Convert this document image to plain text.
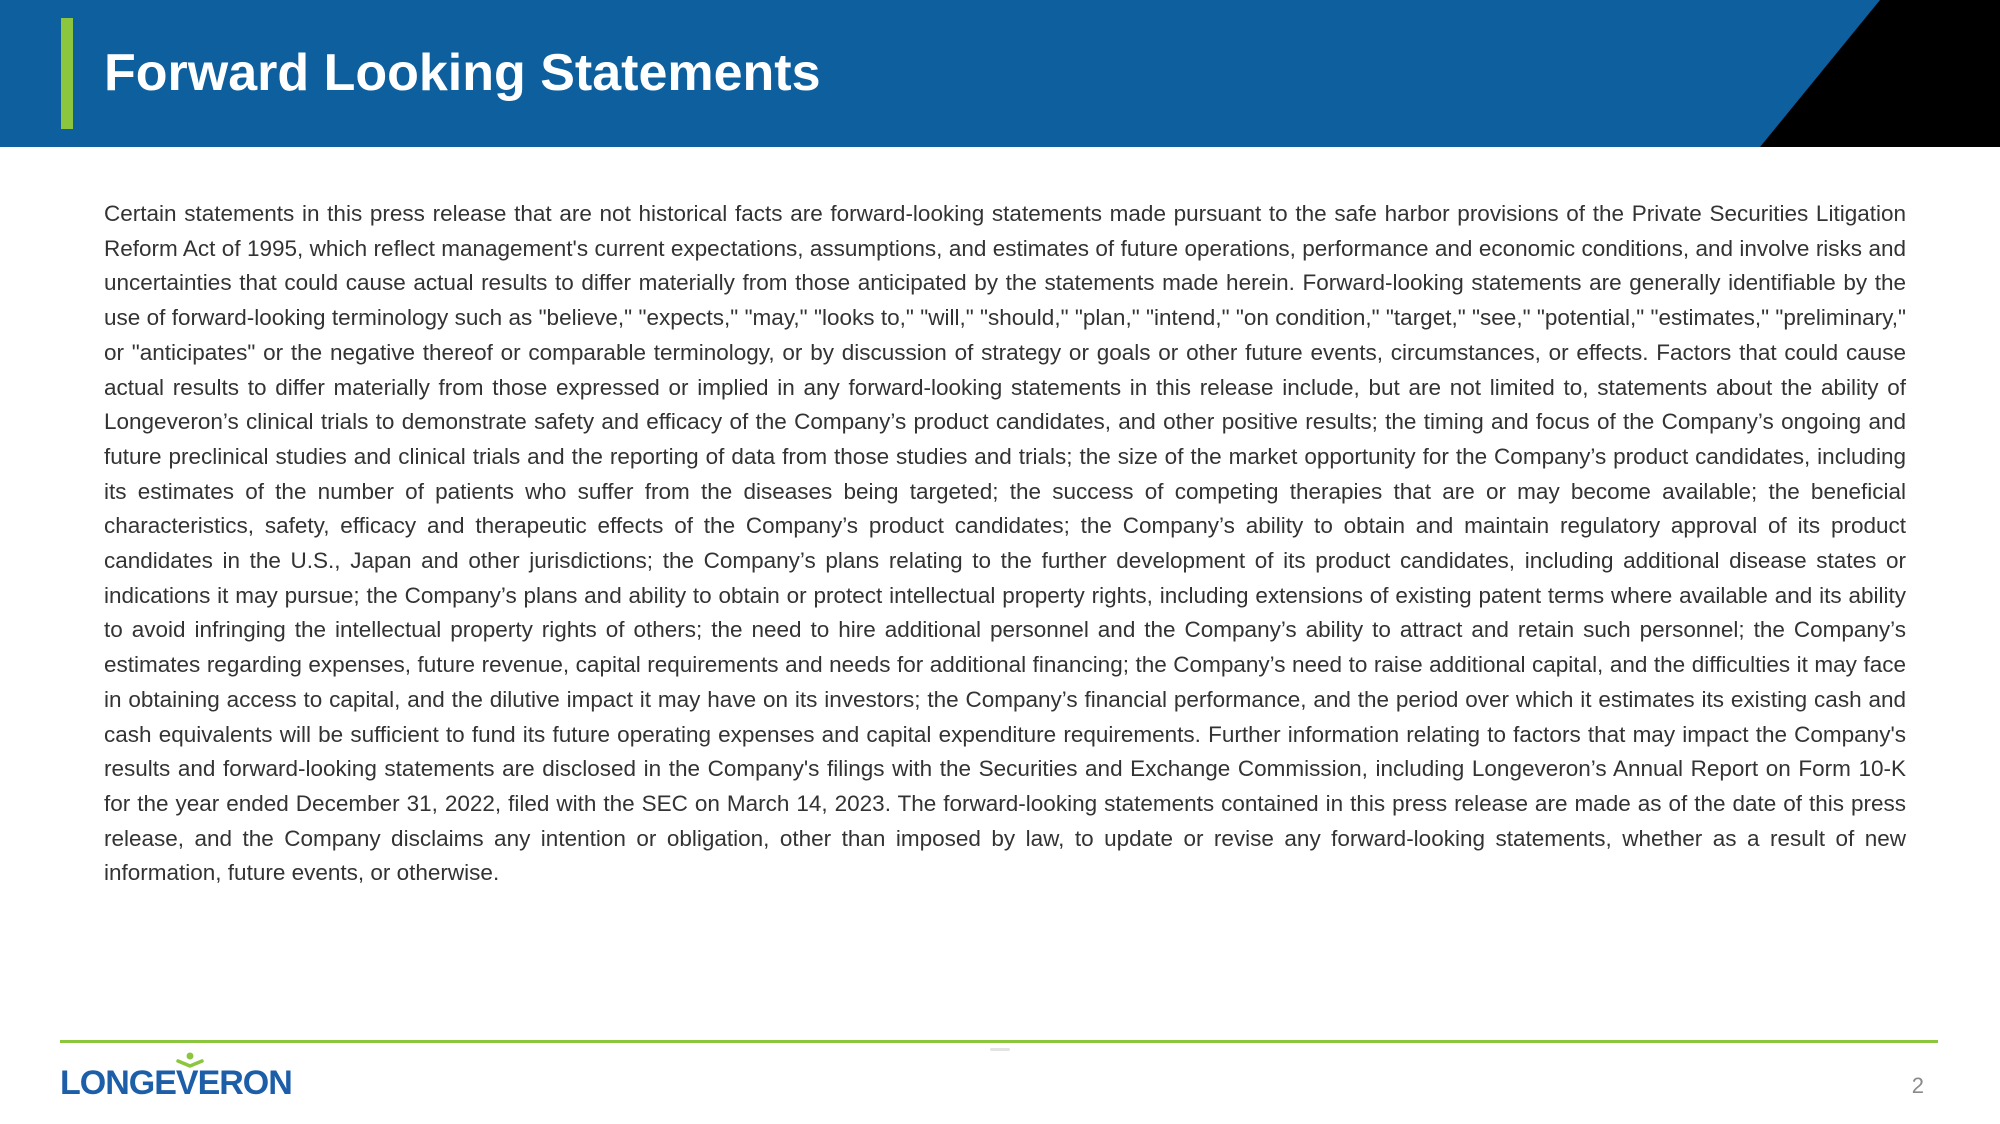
Forward Looking Statements

Certain statements in this press release that are not historical facts are forward-looking statements made pursuant to the safe harbor provisions of the Private Securities Litigation Reform Act of 1995, which reflect management's current expectations, assumptions, and estimates of future operations, performance and economic conditions, and involve risks and uncertainties that could cause actual results to differ materially from those anticipated by the statements made herein. Forward-looking statements are generally identifiable by the use of forward-looking terminology such as "believe," "expects," "may," "looks to," "will," "should," "plan," "intend," "on condition," "target," "see," "potential," "estimates," "preliminary," or "anticipates" or the negative thereof or comparable terminology, or by discussion of strategy or goals or other future events, circumstances, or effects. Factors that could cause actual results to differ materially from those expressed or implied in any forward-looking statements in this release include, but are not limited to, statements about the ability of Longeveron’s clinical trials to demonstrate safety and efficacy of the Company’s product candidates, and other positive results; the timing and focus of the Company’s ongoing and future preclinical studies and clinical trials and the reporting of data from those studies and trials; the size of the market opportunity for the Company’s product candidates, including its estimates of the number of patients who suffer from the diseases being targeted; the success of competing therapies that are or may become available; the beneficial characteristics, safety, efficacy and therapeutic effects of the Company’s product candidates; the Company’s ability to obtain and maintain regulatory approval of its product candidates in the U.S., Japan and other jurisdictions; the Company’s plans relating to the further development of its product candidates, including additional disease states or indications it may pursue; the Company’s plans and ability to obtain or protect intellectual property rights, including extensions of existing patent terms where available and its ability to avoid infringing the intellectual property rights of others; the need to hire additional personnel and the Company’s ability to attract and retain such personnel; the Company’s estimates regarding expenses, future revenue, capital requirements and needs for additional financing; the Company’s need to raise additional capital, and the difficulties it may face in obtaining access to capital, and the dilutive impact it may have on its investors; the Company’s financial performance, and the period over which it estimates its existing cash and cash equivalents will be sufficient to fund its future operating expenses and capital expenditure requirements. Further information relating to factors that may impact the Company's results and forward-looking statements are disclosed in the Company's filings with the Securities and Exchange Commission, including Longeveron’s Annual Report on Form 10-K for the year ended December 31, 2022, filed with the SEC on March 14, 2023. The forward-looking statements contained in this press release are made as of the date of this press release, and the Company disclaims any intention or obligation, other than imposed by law, to update or revise any forward-looking statements, whether as a result of new information, future events, or otherwise.

LONGEVERON	2
